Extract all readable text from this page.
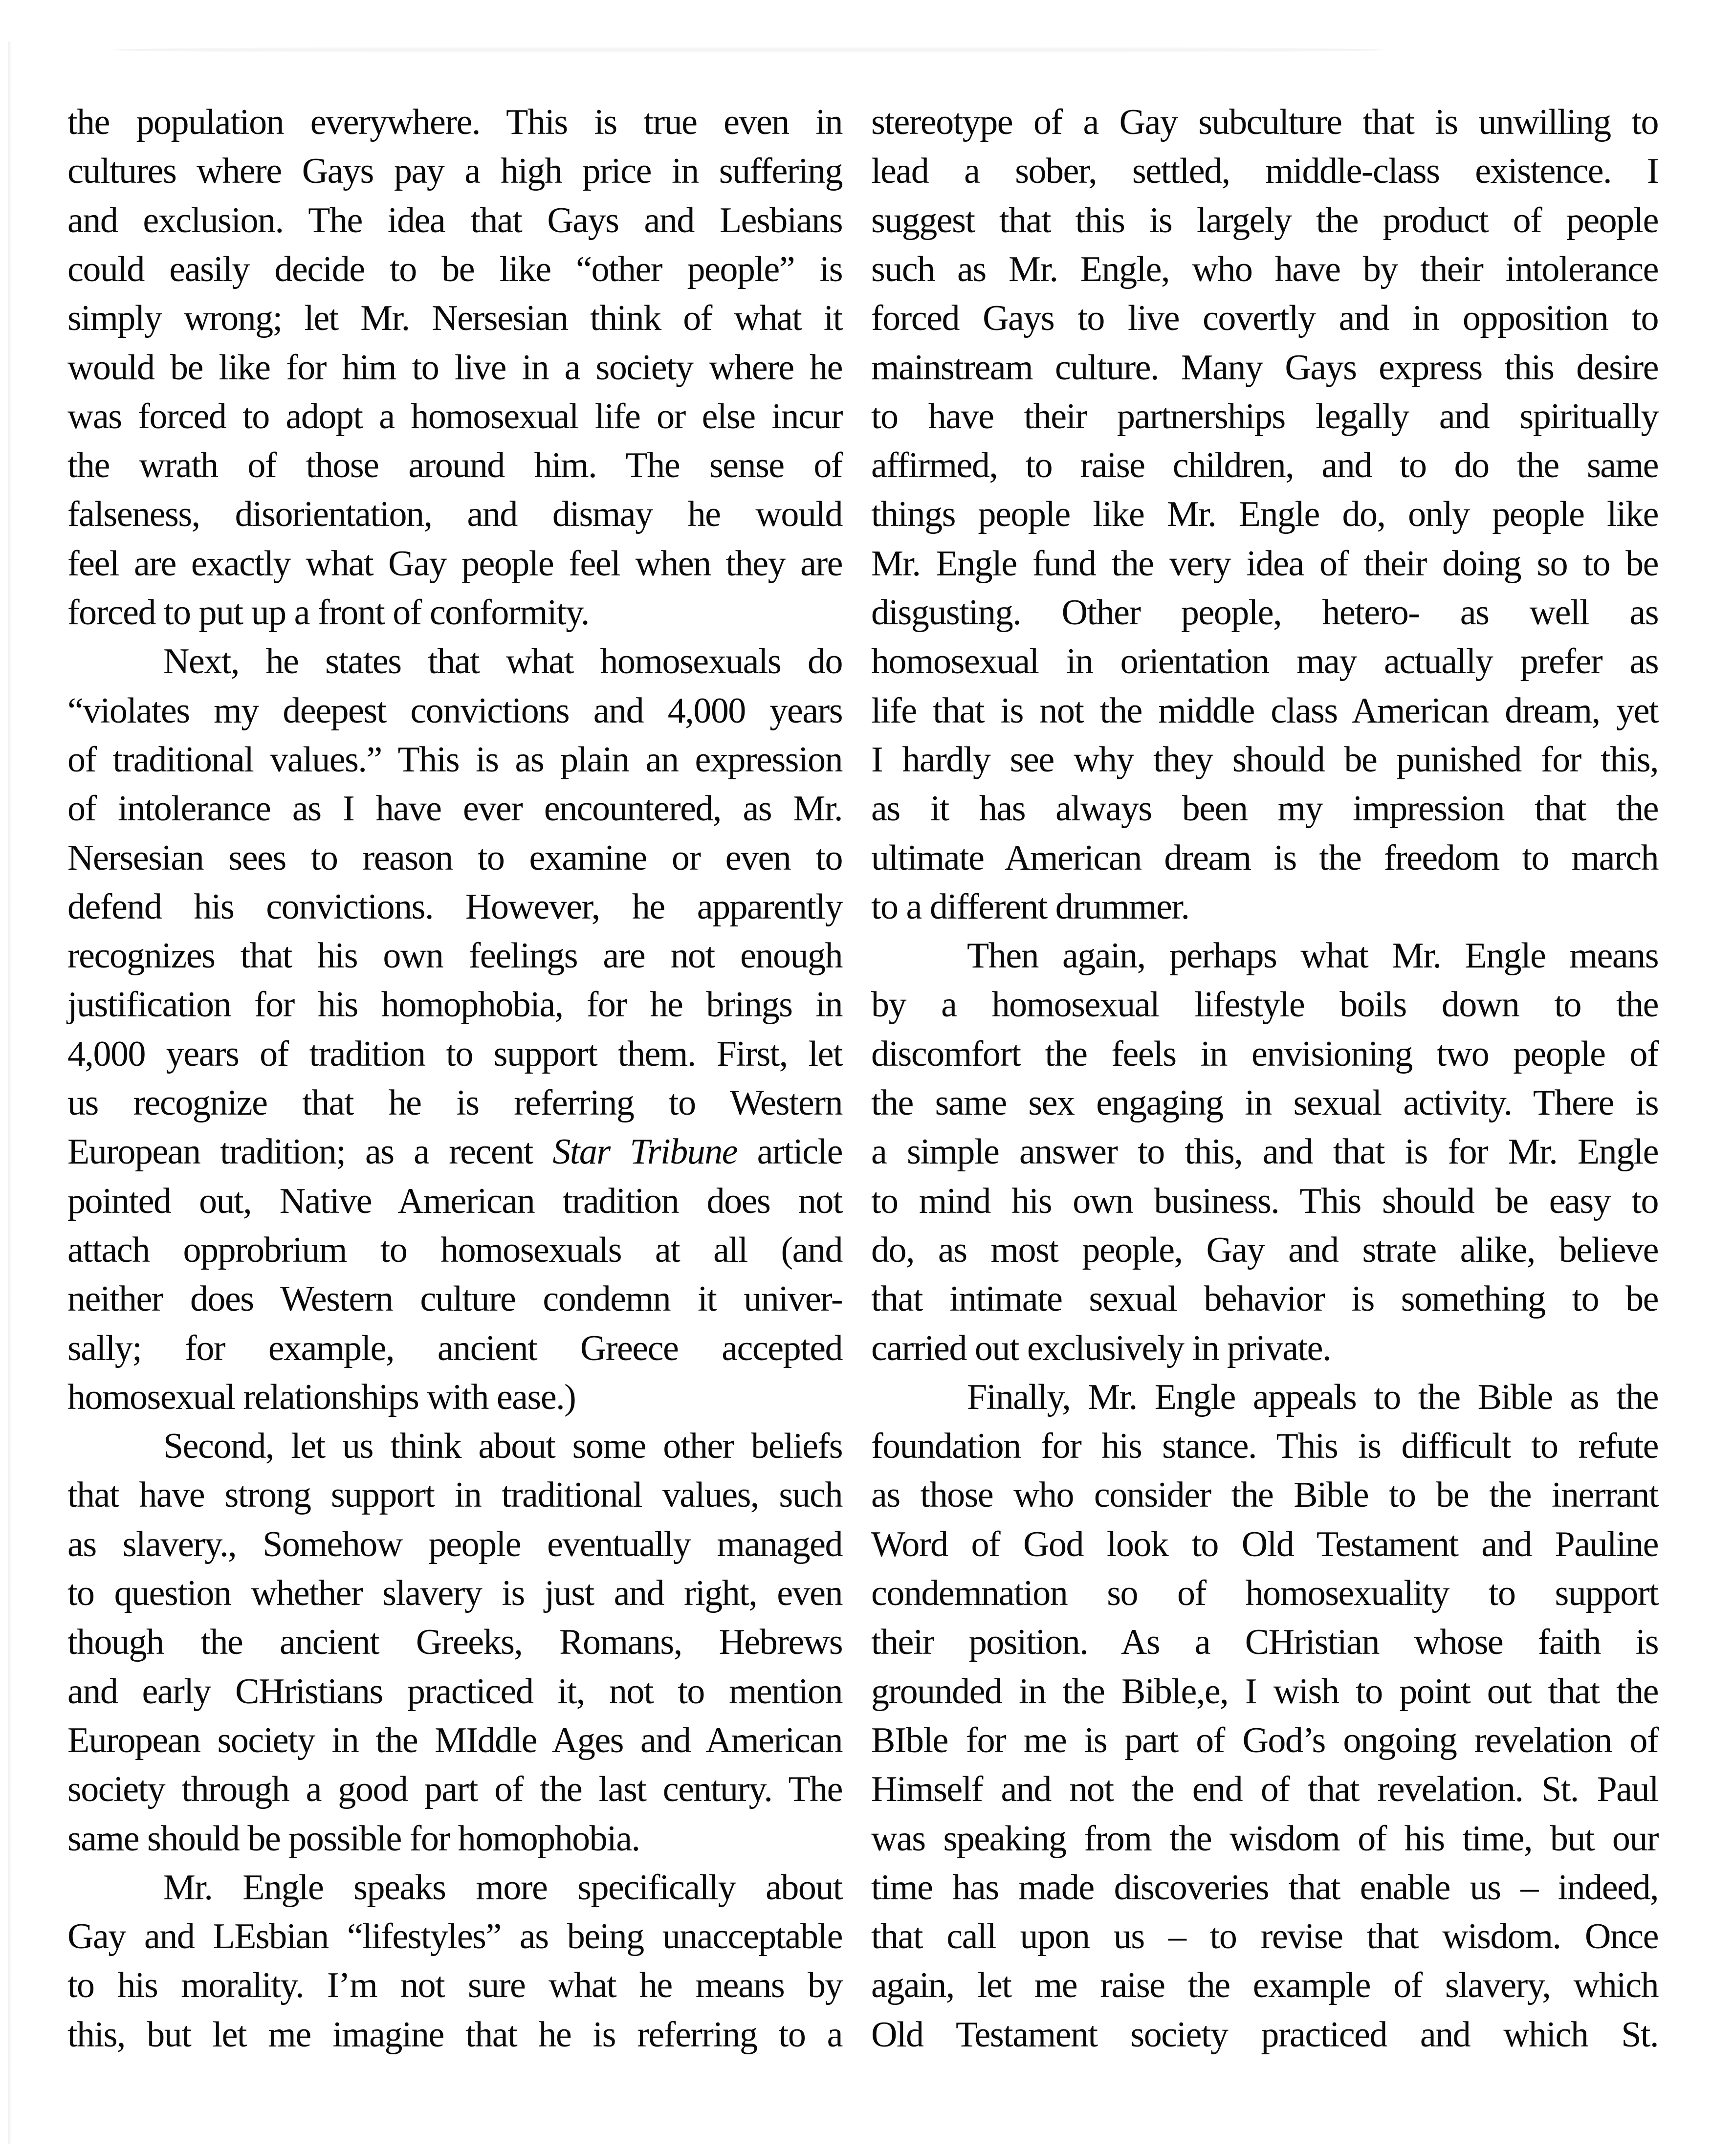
the population everywhere. This is true even in
cultures where Gays pay a high price in suffering
and exclusion. The idea that Gays and Lesbians
could easily decide to be like “other people” is
simply wrong; let Mr. Nersesian think of what it
would be like for him to live in a society where he
was forced to adopt a homosexual life or else incur
the wrath of those around him. The sense of
falseness, disorientation, and dismay he would
feel are exactly what Gay people feel when they are
forced to put up a front of conformity.
Next, he states that what homosexuals do
“violates my deepest convictions and 4,000 years
of traditional values.” This is as plain an expression
of intolerance as I have ever encountered, as Mr.
Nersesian sees to reason to examine or even to
defend his convictions. However, he apparently
recognizes that his own feelings are not enough
justification for his homophobia, for he brings in
4,000 years of tradition to support them. First, let
us recognize that he is referring to Western
European tradition; as a recent Star Tribune article
pointed out, Native American tradition does not
attach opprobrium to homosexuals at all (and
neither does Western culture condemn it univer-
sally; for example, ancient Greece accepted
homosexual relationships with ease.)
Second, let us think about some other beliefs
that have strong support in traditional values, such
as slavery., Somehow people eventually managed
to question whether slavery is just and right, even
though the ancient Greeks, Romans, Hebrews
and early CHristians practiced it, not to mention
European society in the MIddle Ages and American
society through a good part of the last century. The
same should be possible for homophobia.
Mr. Engle speaks more specifically about
Gay and LEsbian “lifestyles” as being unacceptable
to his morality. I’m not sure what he means by
this, but let me imagine that he is referring to a
stereotype of a Gay subculture that is unwilling to
lead a sober, settled, middle-class existence. I
suggest that this is largely the product of people
such as Mr. Engle, who have by their intolerance
forced Gays to live covertly and in opposition to
mainstream culture. Many Gays express this desire
to have their partnerships legally and spiritually
affirmed, to raise children, and to do the same
things people like Mr. Engle do, only people like
Mr. Engle fund the very idea of their doing so to be
disgusting. Other people, hetero- as well as
homosexual in orientation may actually prefer as
life that is not the middle class American dream, yet
I hardly see why they should be punished for this,
as it has always been my impression that the
ultimate American dream is the freedom to march
to a different drummer.
Then again, perhaps what Mr. Engle means
by a homosexual lifestyle boils down to the
discomfort the feels in envisioning two people of
the same sex engaging in sexual activity. There is
a simple answer to this, and that is for Mr. Engle
to mind his own business. This should be easy to
do, as most people, Gay and strate alike, believe
that intimate sexual behavior is something to be
carried out exclusively in private.
Finally, Mr. Engle appeals to the Bible as the
foundation for his stance. This is difficult to refute
as those who consider the Bible to be the inerrant
Word of God look to Old Testament and Pauline
condemnation so of homosexuality to support
their position. As a CHristian whose faith is
grounded in the Bible,e, I wish to point out that the
BIble for me is part of God’s ongoing revelation of
Himself and not the end of that revelation. St. Paul
was speaking from the wisdom of his time, but our
time has made discoveries that enable us – indeed,
that call upon us – to revise that wisdom. Once
again, let me raise the example of slavery, which
Old Testament society practiced and which St.
